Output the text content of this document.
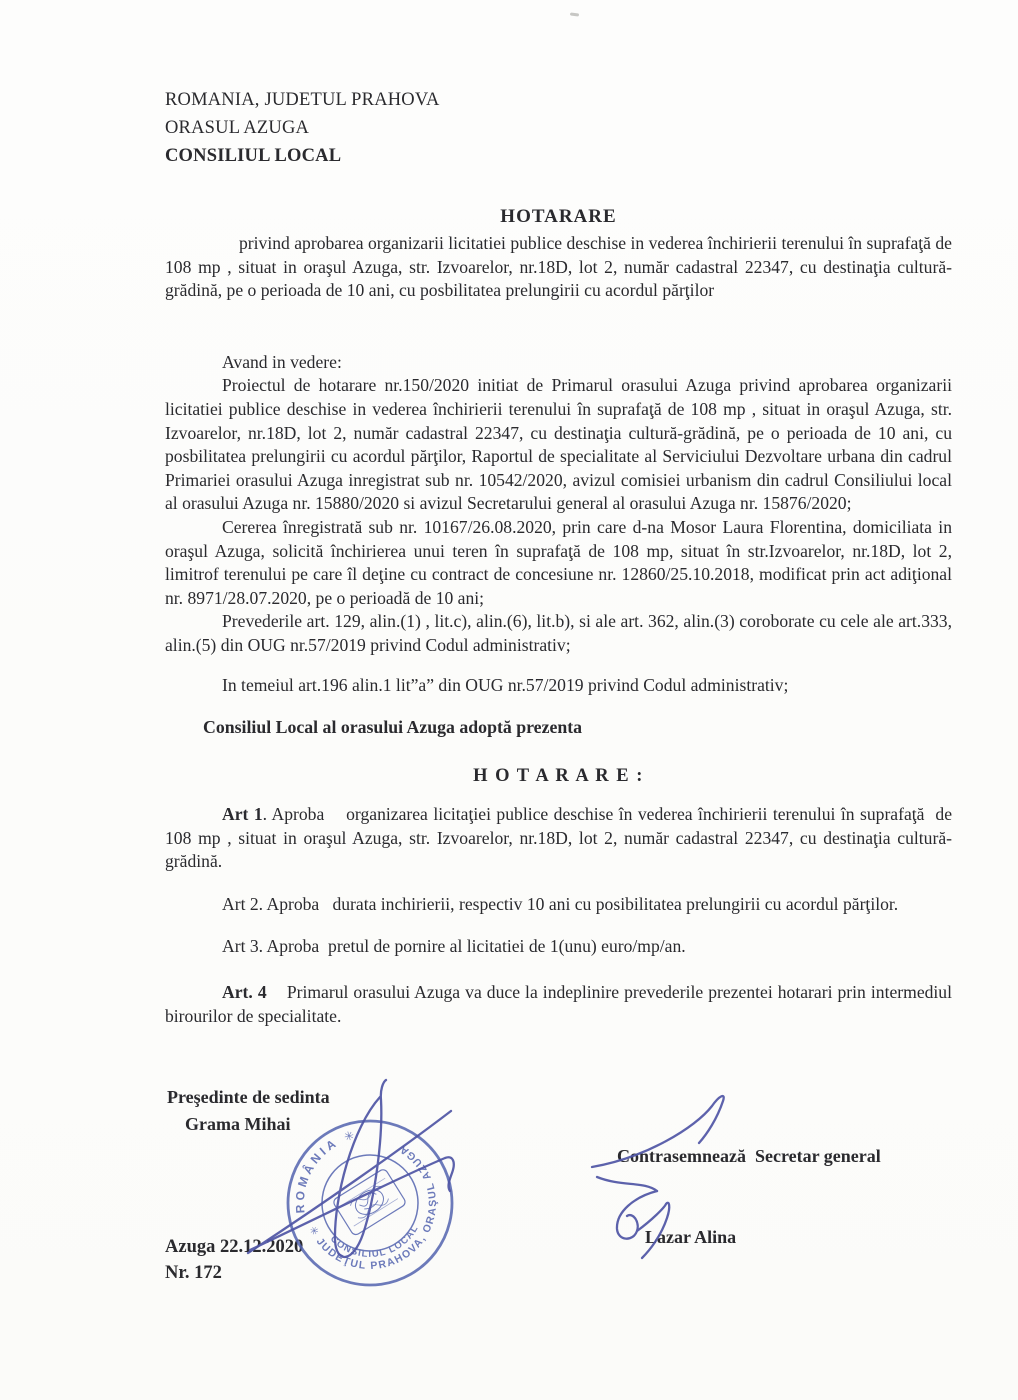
ROMANIA, JUDETUL PRAHOVA
ORASUL AZUGA
CONSILIUL LOCAL
HOTARARE

privind aprobarea organizarii licitatiei publice deschise in vederea închirierii terenului în suprafaţă de 108 mp , situat in oraşul Azuga, str. Izvoarelor, nr.18D, lot 2, număr cadastral 22347, cu destinaţia cultură-grădină, pe o perioada de 10 ani, cu posbilitatea prelungirii cu acordul părţilor

Avand in vedere:

Proiectul de hotarare nr.150/2020 initiat de Primarul orasului Azuga privind aprobarea organizarii licitatiei publice deschise in vederea închirierii terenului în suprafaţă de 108 mp , situat in oraşul Azuga, str. Izvoarelor, nr.18D, lot 2, număr cadastral 22347, cu destinaţia cultură-grădină, pe o perioada de 10 ani, cu posbilitatea prelungirii cu acordul părţilor, Raportul de specialitate al Serviciului Dezvoltare urbana din cadrul Primariei orasului Azuga inregistrat sub nr. 10542/2020, avizul comisiei urbanism din cadrul Consiliului local al orasului Azuga nr. 15880/2020 si avizul Secretarului general al orasului Azuga nr. 15876/2020;

Cererea înregistrată sub nr. 10167/26.08.2020, prin care d-na Mosor Laura Florentina, domiciliata in oraşul Azuga, solicită închirierea unui teren în suprafaţă de 108 mp, situat în str.Izvoarelor, nr.18D, lot 2, limitrof terenului pe care îl deţine cu contract de concesiune nr. 12860/25.10.2018, modificat prin act adiţional nr. 8971/28.07.2020, pe o perioadă de 10 ani;

Prevederile art. 129, alin.(1) , lit.c), alin.(6), lit.b), si ale art. 362, alin.(3) coroborate cu cele ale art.333, alin.(5) din OUG nr.57/2019 privind Codul administrativ;

In temeiul art.196 alin.1 lit”a” din OUG nr.57/2019 privind Codul administrativ;

Consiliul Local al orasului Azuga adoptă prezenta

H O T A R A R E :

Art 1. Aproba    organizarea licitaţiei publice deschise în vederea închirierii terenului în suprafaţă  de 108 mp , situat in oraşul Azuga, str. Izvoarelor, nr.18D, lot 2, număr cadastral 22347, cu destinaţia cultură-grădină.

Art 2. Aproba   durata inchirierii, respectiv 10 ani cu posibilitatea prelungirii cu acordul părţilor.

Art 3. Aproba  pretul de pornire al licitatiei de 1(unu) euro/mp/an.

Art. 4    Primarul orasului Azuga va duce la indeplinire prevederile prezentei hotarari prin intermediul birourilor de specialitate.

Preşedinte de sedinta
Grama Mihai

Contrasemnează  Secretar general

Lazar Alina

Azuga 22.12.2020
Nr. 172
ROMÂNIA ✳
✳ JUDEŢUL PRAHOVA, ORAŞUL AZUGA
CONSILIUL LOCAL
